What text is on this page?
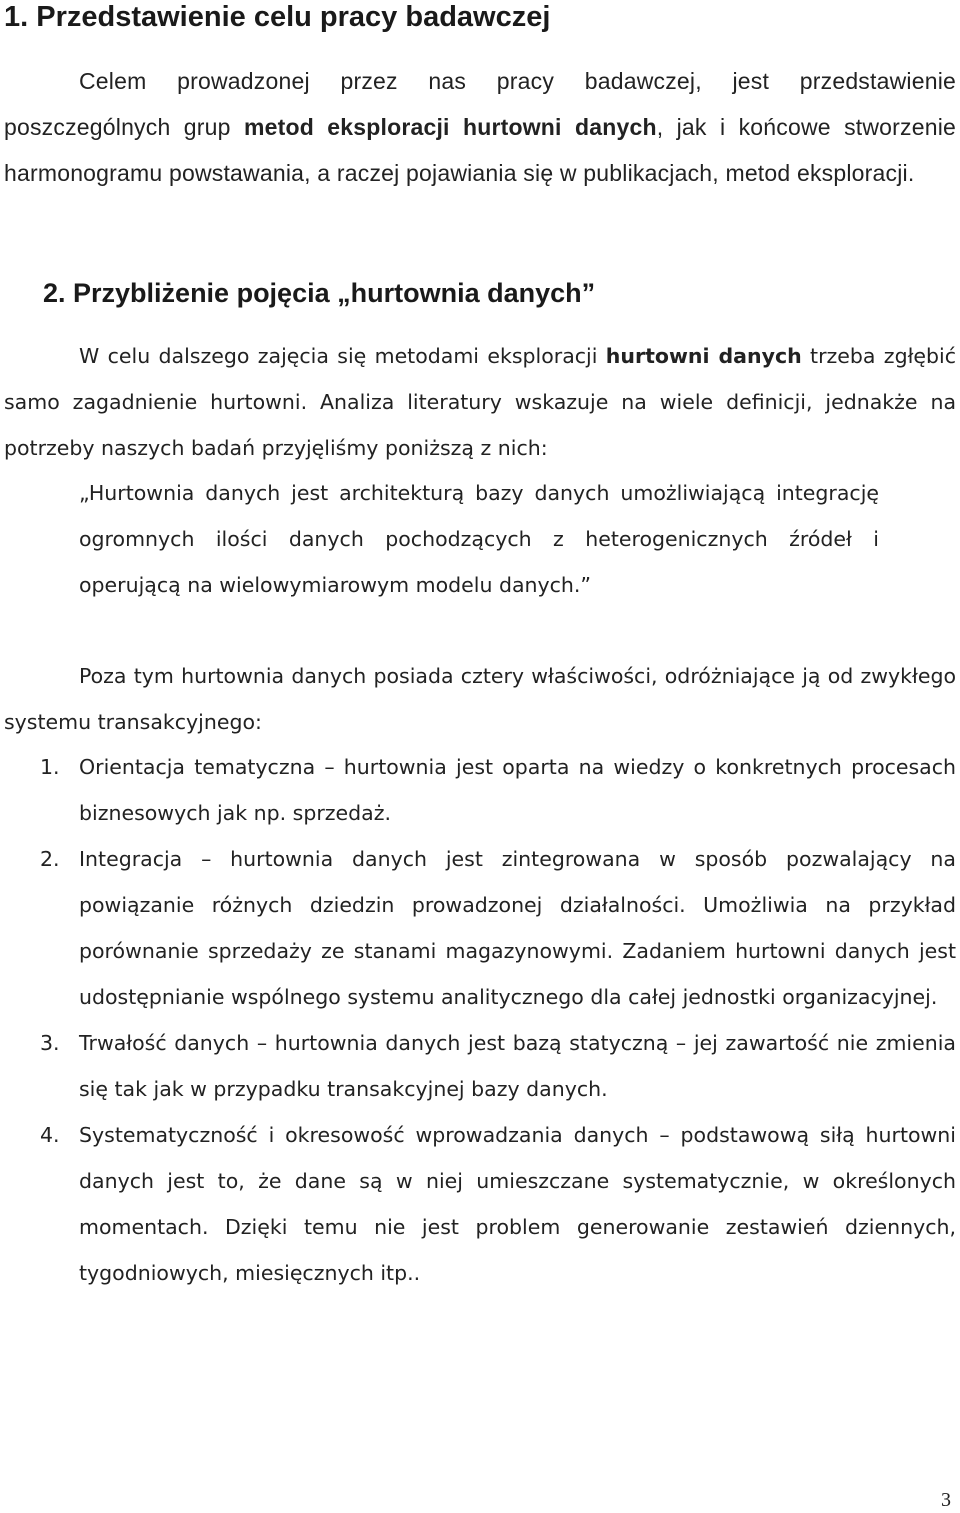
1. Przedstawienie celu pracy badawczej

Celem prowadzonej przez nas pracy badawczej, jest przedstawienie poszczególnych grup metod eksploracji hurtowni danych, jak i końcowe stworzenie harmonogramu powstawania, a raczej pojawiania się w publikacjach, metod eksploracji.

2. Przybliżenie pojęcia „hurtownia danych”

W celu dalszego zajęcia się metodami eksploracji hurtowni danych trzeba zgłębić samo zagadnienie hurtowni. Analiza literatury wskazuje na wiele definicji, jednakże na potrzeby naszych badań przyjęliśmy poniższą z nich:

„Hurtownia danych jest architekturą bazy danych umożliwiającą integrację ogromnych ilości danych pochodzących z heterogenicznych źródeł i operującą na wielowymiarowym modelu danych.”

Poza tym hurtownia danych posiada cztery właściwości, odróżniające ją od zwykłego systemu transakcyjnego:

1. Orientacja tematyczna – hurtownia jest oparta na wiedzy o konkretnych procesach biznesowych jak np. sprzedaż.
2. Integracja – hurtownia danych jest zintegrowana w sposób pozwalający na powiązanie różnych dziedzin prowadzonej działalności. Umożliwia na przykład porównanie sprzedaży ze stanami magazynowymi. Zadaniem hurtowni danych jest udostępnianie wspólnego systemu analitycznego dla całej jednostki organizacyjnej.
3. Trwałość danych – hurtownia danych jest bazą statyczną – jej zawartość nie zmienia się tak jak w przypadku transakcyjnej bazy danych.
4. Systematyczność i okresowość wprowadzania danych – podstawową siłą hurtowni danych jest to, że dane są w niej umieszczane systematycznie, w określonych momentach. Dzięki temu nie jest problem generowanie zestawień dziennych, tygodniowych, miesięcznych itp..
3
